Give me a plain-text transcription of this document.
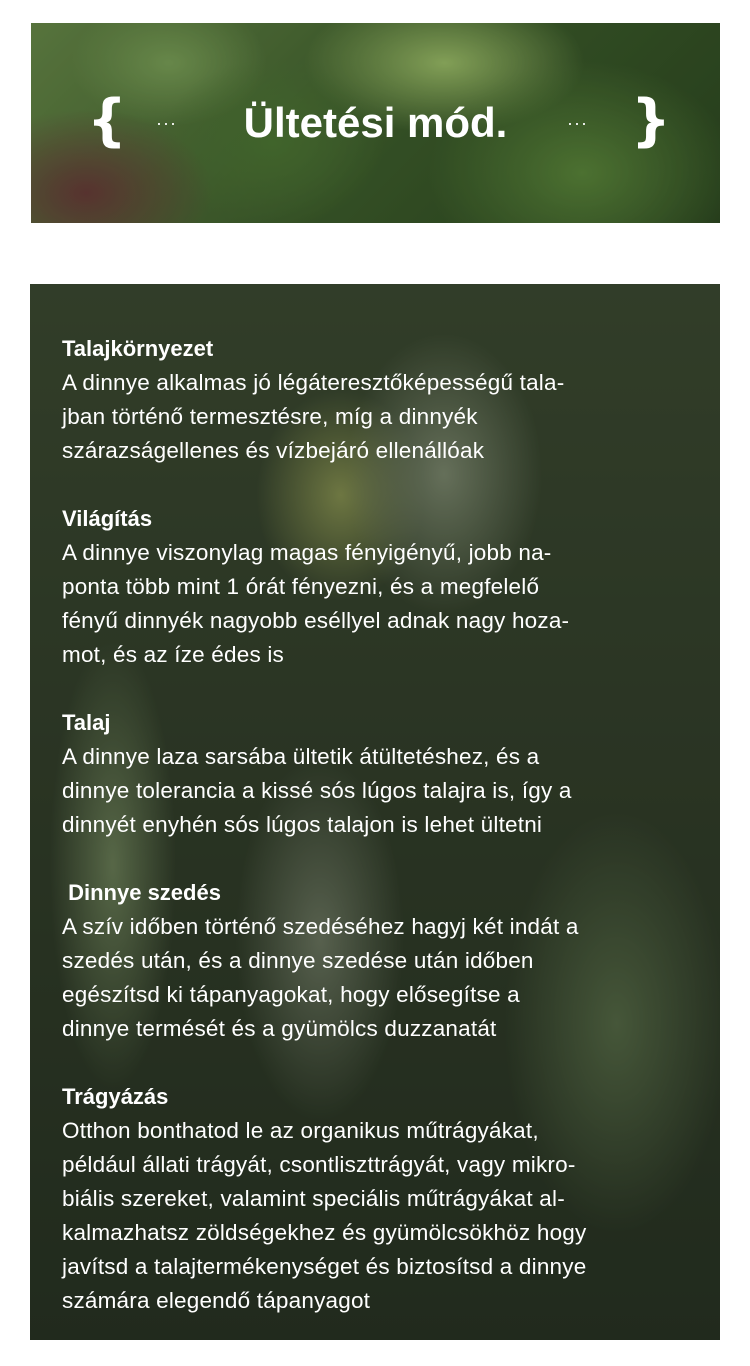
{ ···	Ültetési mód.	··· }
Talajkörnyezet
A dinnye alkalmas jó légáteresztőképességű tala-
jban történő termesztésre, míg a dinnyék
szárazságellenes és vízbejáró ellenállóak
Világítás
A dinnye viszonylag magas fényigényű, jobb na-
ponta több mint 1 órát fényezni, és a megfelelő
fényű dinnyék nagyobb eséllyel adnak nagy hoza-
mot, és az íze édes is
Talaj
A dinnye laza sarsába ültetik átültetéshez, és a
dinnye tolerancia a kissé sós lúgos talajra is, így a
dinnyét enyhén sós lúgos talajon is lehet ültetni
Dinnye szedés
A szív időben történő szedéséhez hagyj két indát a
szedés után, és a dinnye szedése után időben
egészítsd ki tápanyagokat, hogy elősegítse a
dinnye termését és a gyümölcs duzzanatát
Trágyázás
Otthon bonthatod le az organikus műtrágyákat,
például állati trágyát, csontliszttrágyát, vagy mikro-
biális szereket, valamint speciális műtrágyákat al-
kalmazhatsz zöldségekhez és gyümölcsökhöz hogy
javítsd a talajtermékenységet és biztosítsd a dinnye
számára elegendő tápanyagot
